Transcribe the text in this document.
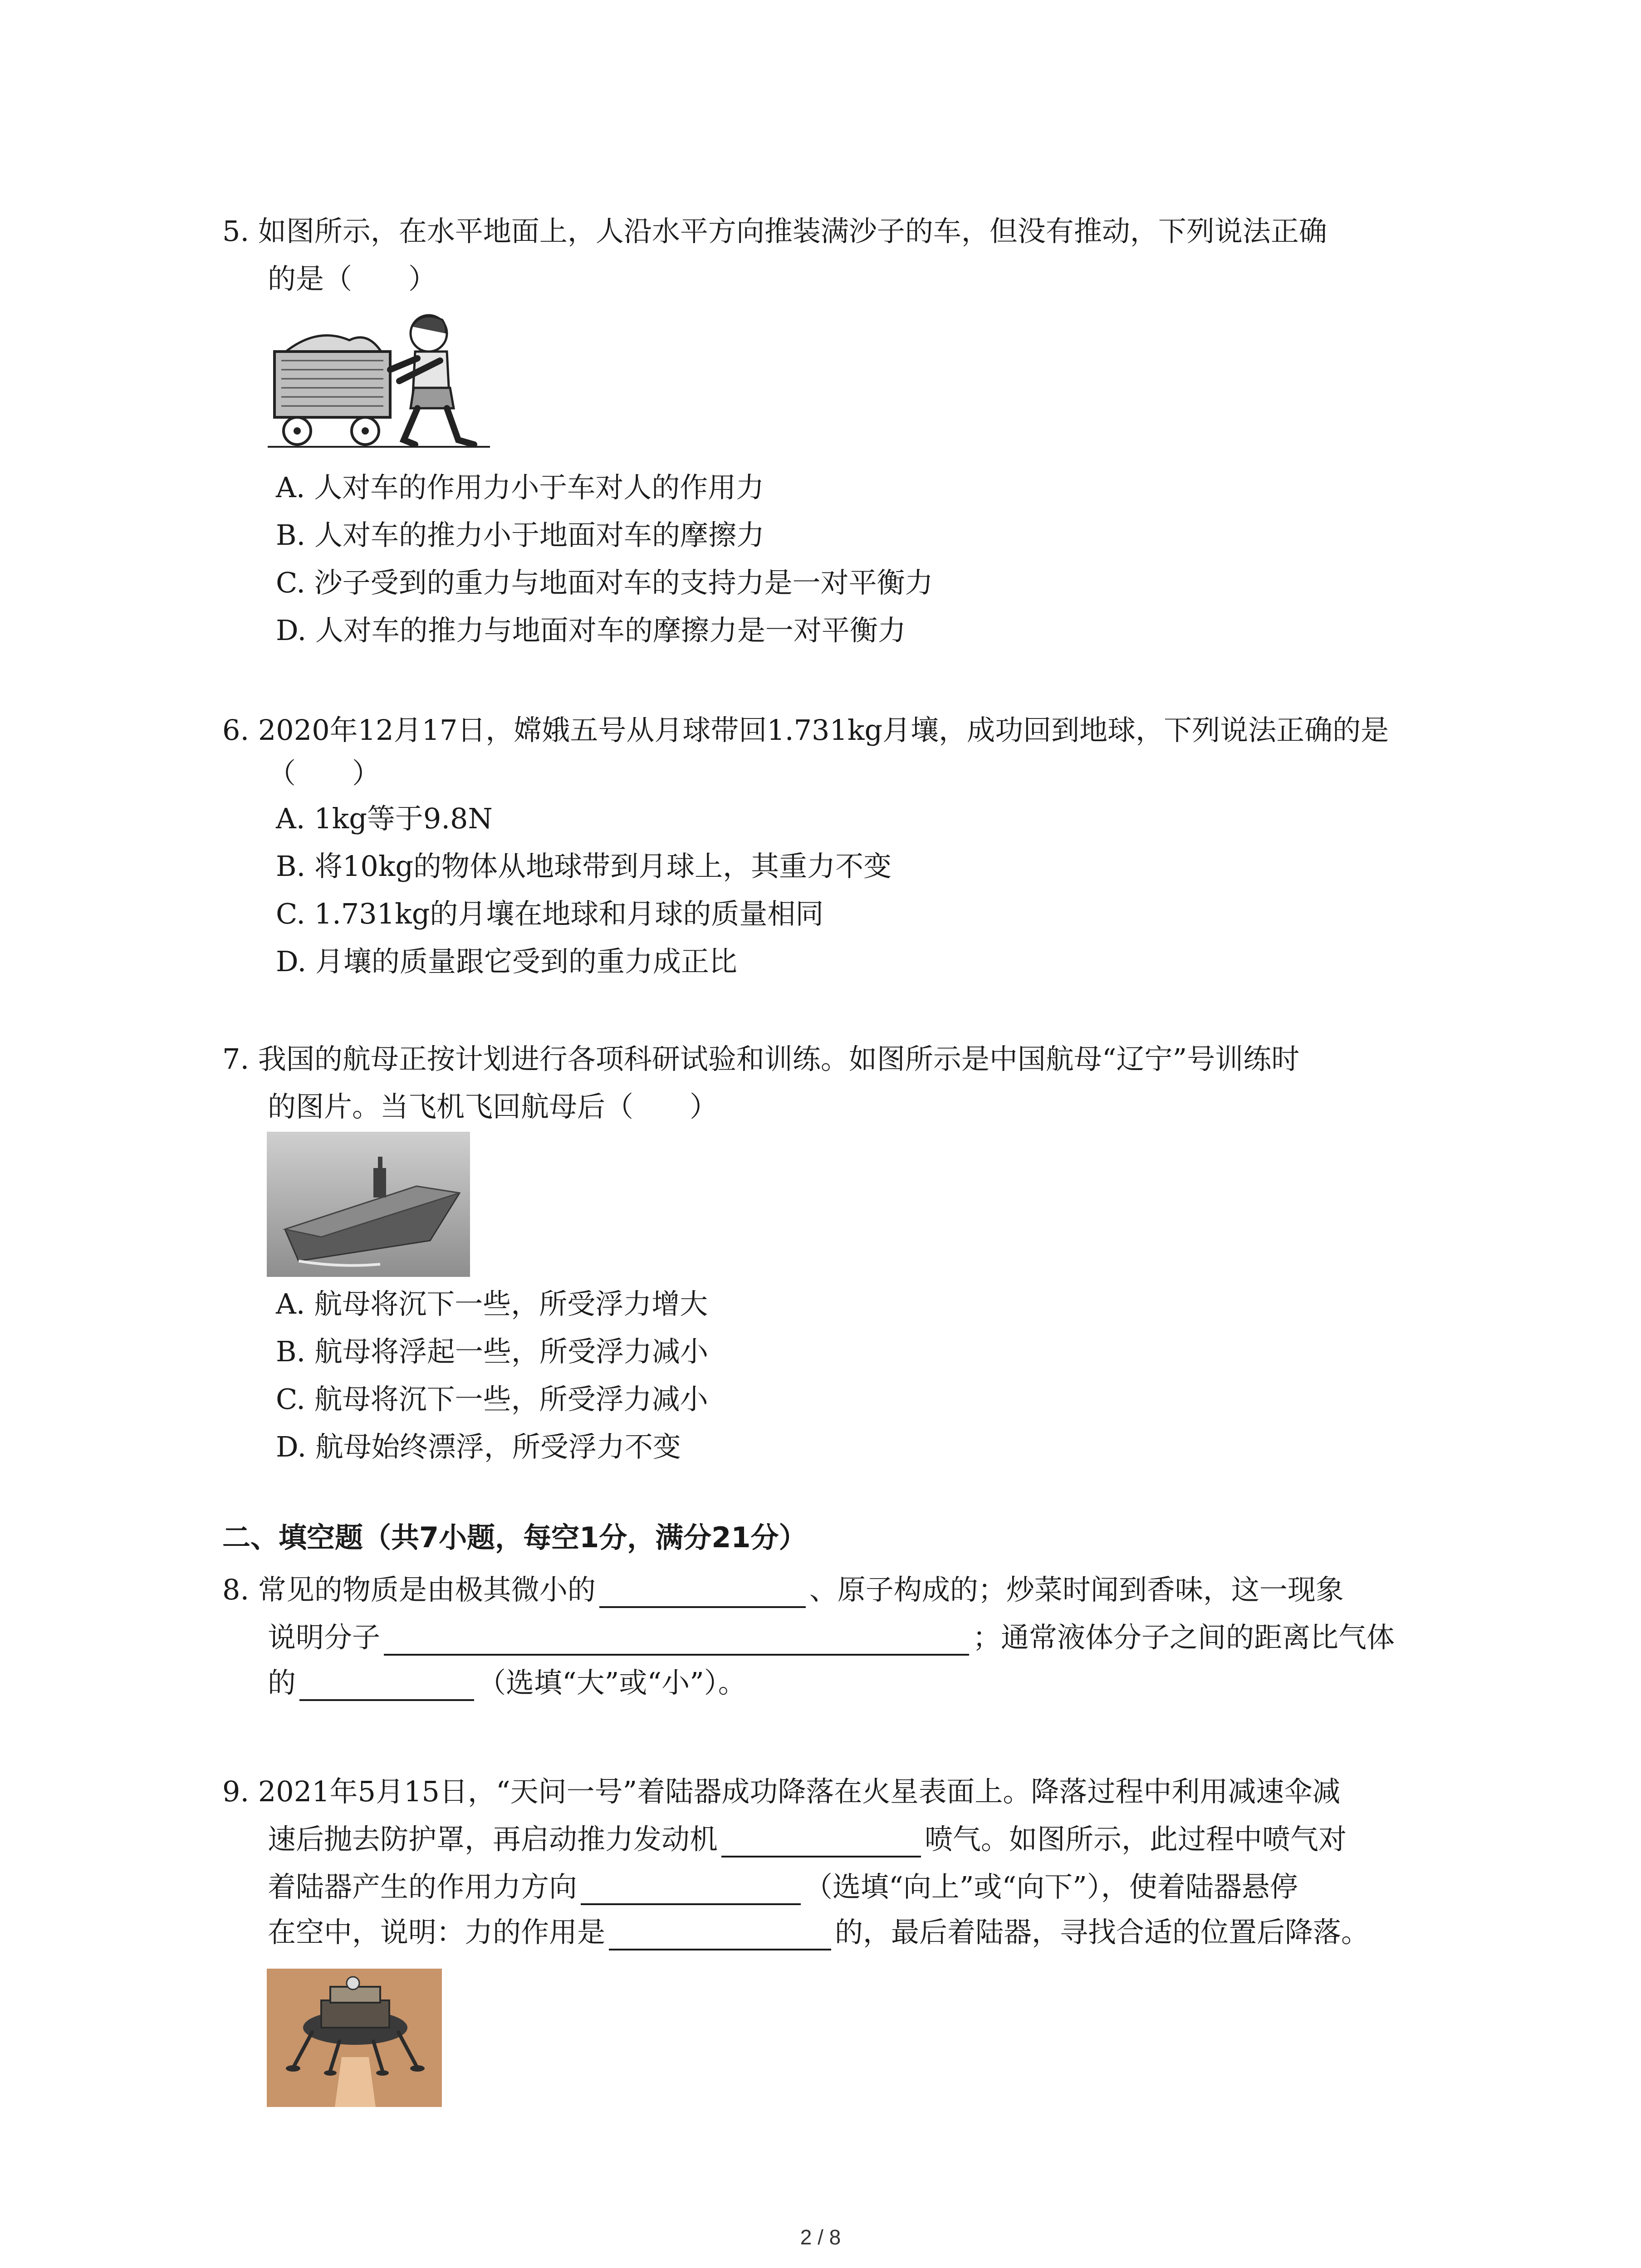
5. 如图所示，在水平地面上，人沿水平方向推装满沙子的车，但没有推动，下列说法正确
的是（　　）
A. 人对车的作用力小于车对人的作用力
B. 人对车的推力小于地面对车的摩擦力
C. 沙子受到的重力与地面对车的支持力是一对平衡力
D. 人对车的推力与地面对车的摩擦力是一对平衡力
6. 2020年12月17日，嫦娥五号从月球带回1.731kg月壤，成功回到地球，下列说法正确的是
（　　）
A. 1kg等于9.8N
B. 将10kg的物体从地球带到月球上，其重力不变
C. 1.731kg的月壤在地球和月球的质量相同
D. 月壤的质量跟它受到的重力成正比
7. 我国的航母正按计划进行各项科研试验和训练。如图所示是中国航母“辽宁”号训练时
的图片。当飞机飞回航母后（　　）
A. 航母将沉下一些，所受浮力增大
B. 航母将浮起一些，所受浮力减小
C. 航母将沉下一些，所受浮力减小
D. 航母始终漂浮，所受浮力不变
二、填空题（共7小题，每空1分，满分21分）
8. 常见的物质是由极其微小的	、原子构成的；炒菜时闻到香味，这一现象
说明分子	；通常液体分子之间的距离比气体
的	（选填“大”或“小”）。
9. 2021年5月15日，“天问一号”着陆器成功降落在火星表面上。降落过程中利用减速伞减
速后抛去防护罩，再启动推力发动机	喷气。如图所示，此过程中喷气对
着陆器产生的作用力方向	（选填“向上”或“向下”），使着陆器悬停
在空中，说明：力的作用是	的，最后着陆器，寻找合适的位置后降落。
2 / 8
